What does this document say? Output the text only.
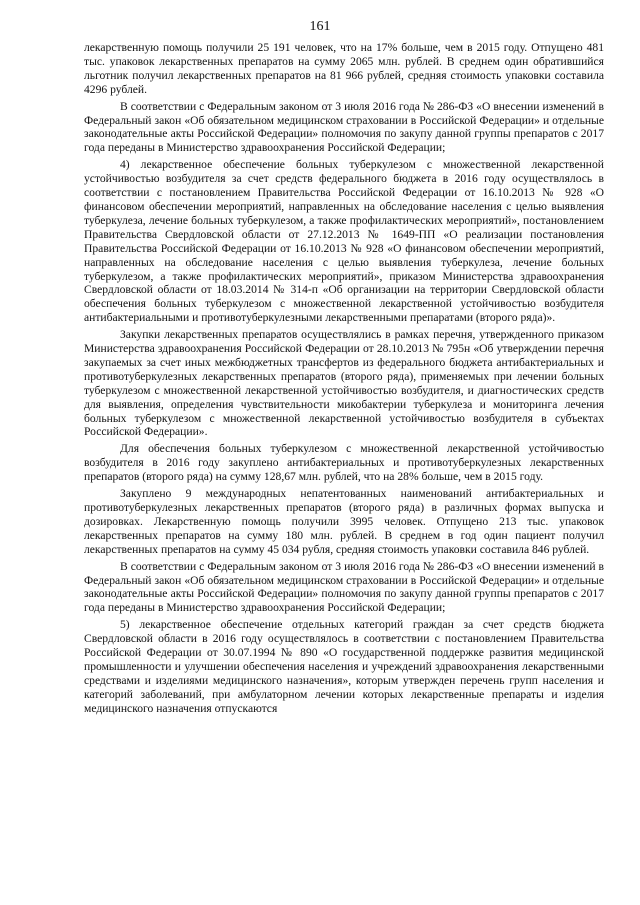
161

лекарственную помощь получили 25 191 человек, что на 17% больше, чем в 2015 году. Отпущено 481 тыс. упаковок лекарственных препаратов на сумму 2065 млн. рублей. В среднем один обратившийся льготник получил лекарственных препаратов на 81 966 рублей, средняя стоимость упаковки составила 4296 рублей.

В соответствии с Федеральным законом от 3 июля 2016 года № 286-ФЗ «О внесении изменений в Федеральный закон «Об обязательном медицинском страховании в Российской Федерации» и отдельные законодательные акты Российской Федерации» полномочия по закупу данной группы препаратов с 2017 года переданы в Министерство здравоохранения Российской Федерации;

4) лекарственное обеспечение больных туберкулезом с множественной лекарственной устойчивостью возбудителя за счет средств федерального бюджета в 2016 году осуществлялось в соответствии с постановлением Правительства Российской Федерации от 16.10.2013 № 928 «О финансовом обеспечении мероприятий, направленных на обследование населения с целью выявления туберкулеза, лечение больных туберкулезом, а также профилактических мероприятий», постановлением Правительства Свердловской области от 27.12.2013 № 1649-ПП «О реализации постановления Правительства Российской Федерации от 16.10.2013 № 928 «О финансовом обеспечении мероприятий, направленных на обследование населения с целью выявления туберкулеза, лечение больных туберкулезом, а также профилактических мероприятий», приказом Министерства здравоохранения Свердловской области от 18.03.2014 № 314-п «Об организации на территории Свердловской области обеспечения больных туберкулезом с множественной лекарственной устойчивостью возбудителя антибактериальными и противотуберкулезными лекарственными препаратами (второго ряда)».

Закупки лекарственных препаратов осуществлялись в рамках перечня, утвержденного приказом Министерства здравоохранения Российской Федерации от 28.10.2013 № 795н «Об утверждении перечня закупаемых за счет иных межбюджетных трансфертов из федерального бюджета антибактериальных и противотуберкулезных лекарственных препаратов (второго ряда), применяемых при лечении больных туберкулезом с множественной лекарственной устойчивостью возбудителя, и диагностических средств для выявления, определения чувствительности микобактерии туберкулеза и мониторинга лечения больных туберкулезом с множественной лекарственной устойчивостью возбудителя в субъектах Российской Федерации».

Для обеспечения больных туберкулезом с множественной лекарственной устойчивостью возбудителя в 2016 году закуплено антибактериальных и противотуберкулезных лекарственных препаратов (второго ряда) на сумму 128,67 млн. рублей, что на 28% больше, чем в 2015 году.

Закуплено 9 международных непатентованных наименований антибактериальных и противотуберкулезных лекарственных препаратов (второго ряда) в различных формах выпуска и дозировках. Лекарственную помощь получили 3995 человек. Отпущено 213 тыс. упаковок лекарственных препаратов на сумму 180 млн. рублей. В среднем в год один пациент получил лекарственных препаратов на сумму 45 034 рубля, средняя стоимость упаковки составила 846 рублей.

В соответствии с Федеральным законом от 3 июля 2016 года № 286-ФЗ «О внесении изменений в Федеральный закон «Об обязательном медицинском страховании в Российской Федерации» и отдельные законодательные акты Российской Федерации» полномочия по закупу данной группы препаратов с 2017 года переданы в Министерство здравоохранения Российской Федерации;

5) лекарственное обеспечение отдельных категорий граждан за счет средств бюджета Свердловской области в 2016 году осуществлялось в соответствии с постановлением Правительства Российской Федерации от 30.07.1994 № 890 «О государственной поддержке развития медицинской промышленности и улучшении обеспечения населения и учреждений здравоохранения лекарственными средствами и изделиями медицинского назначения», которым утвержден перечень групп населения и категорий заболеваний, при амбулаторном лечении которых лекарственные препараты и изделия медицинского назначения отпускаются
